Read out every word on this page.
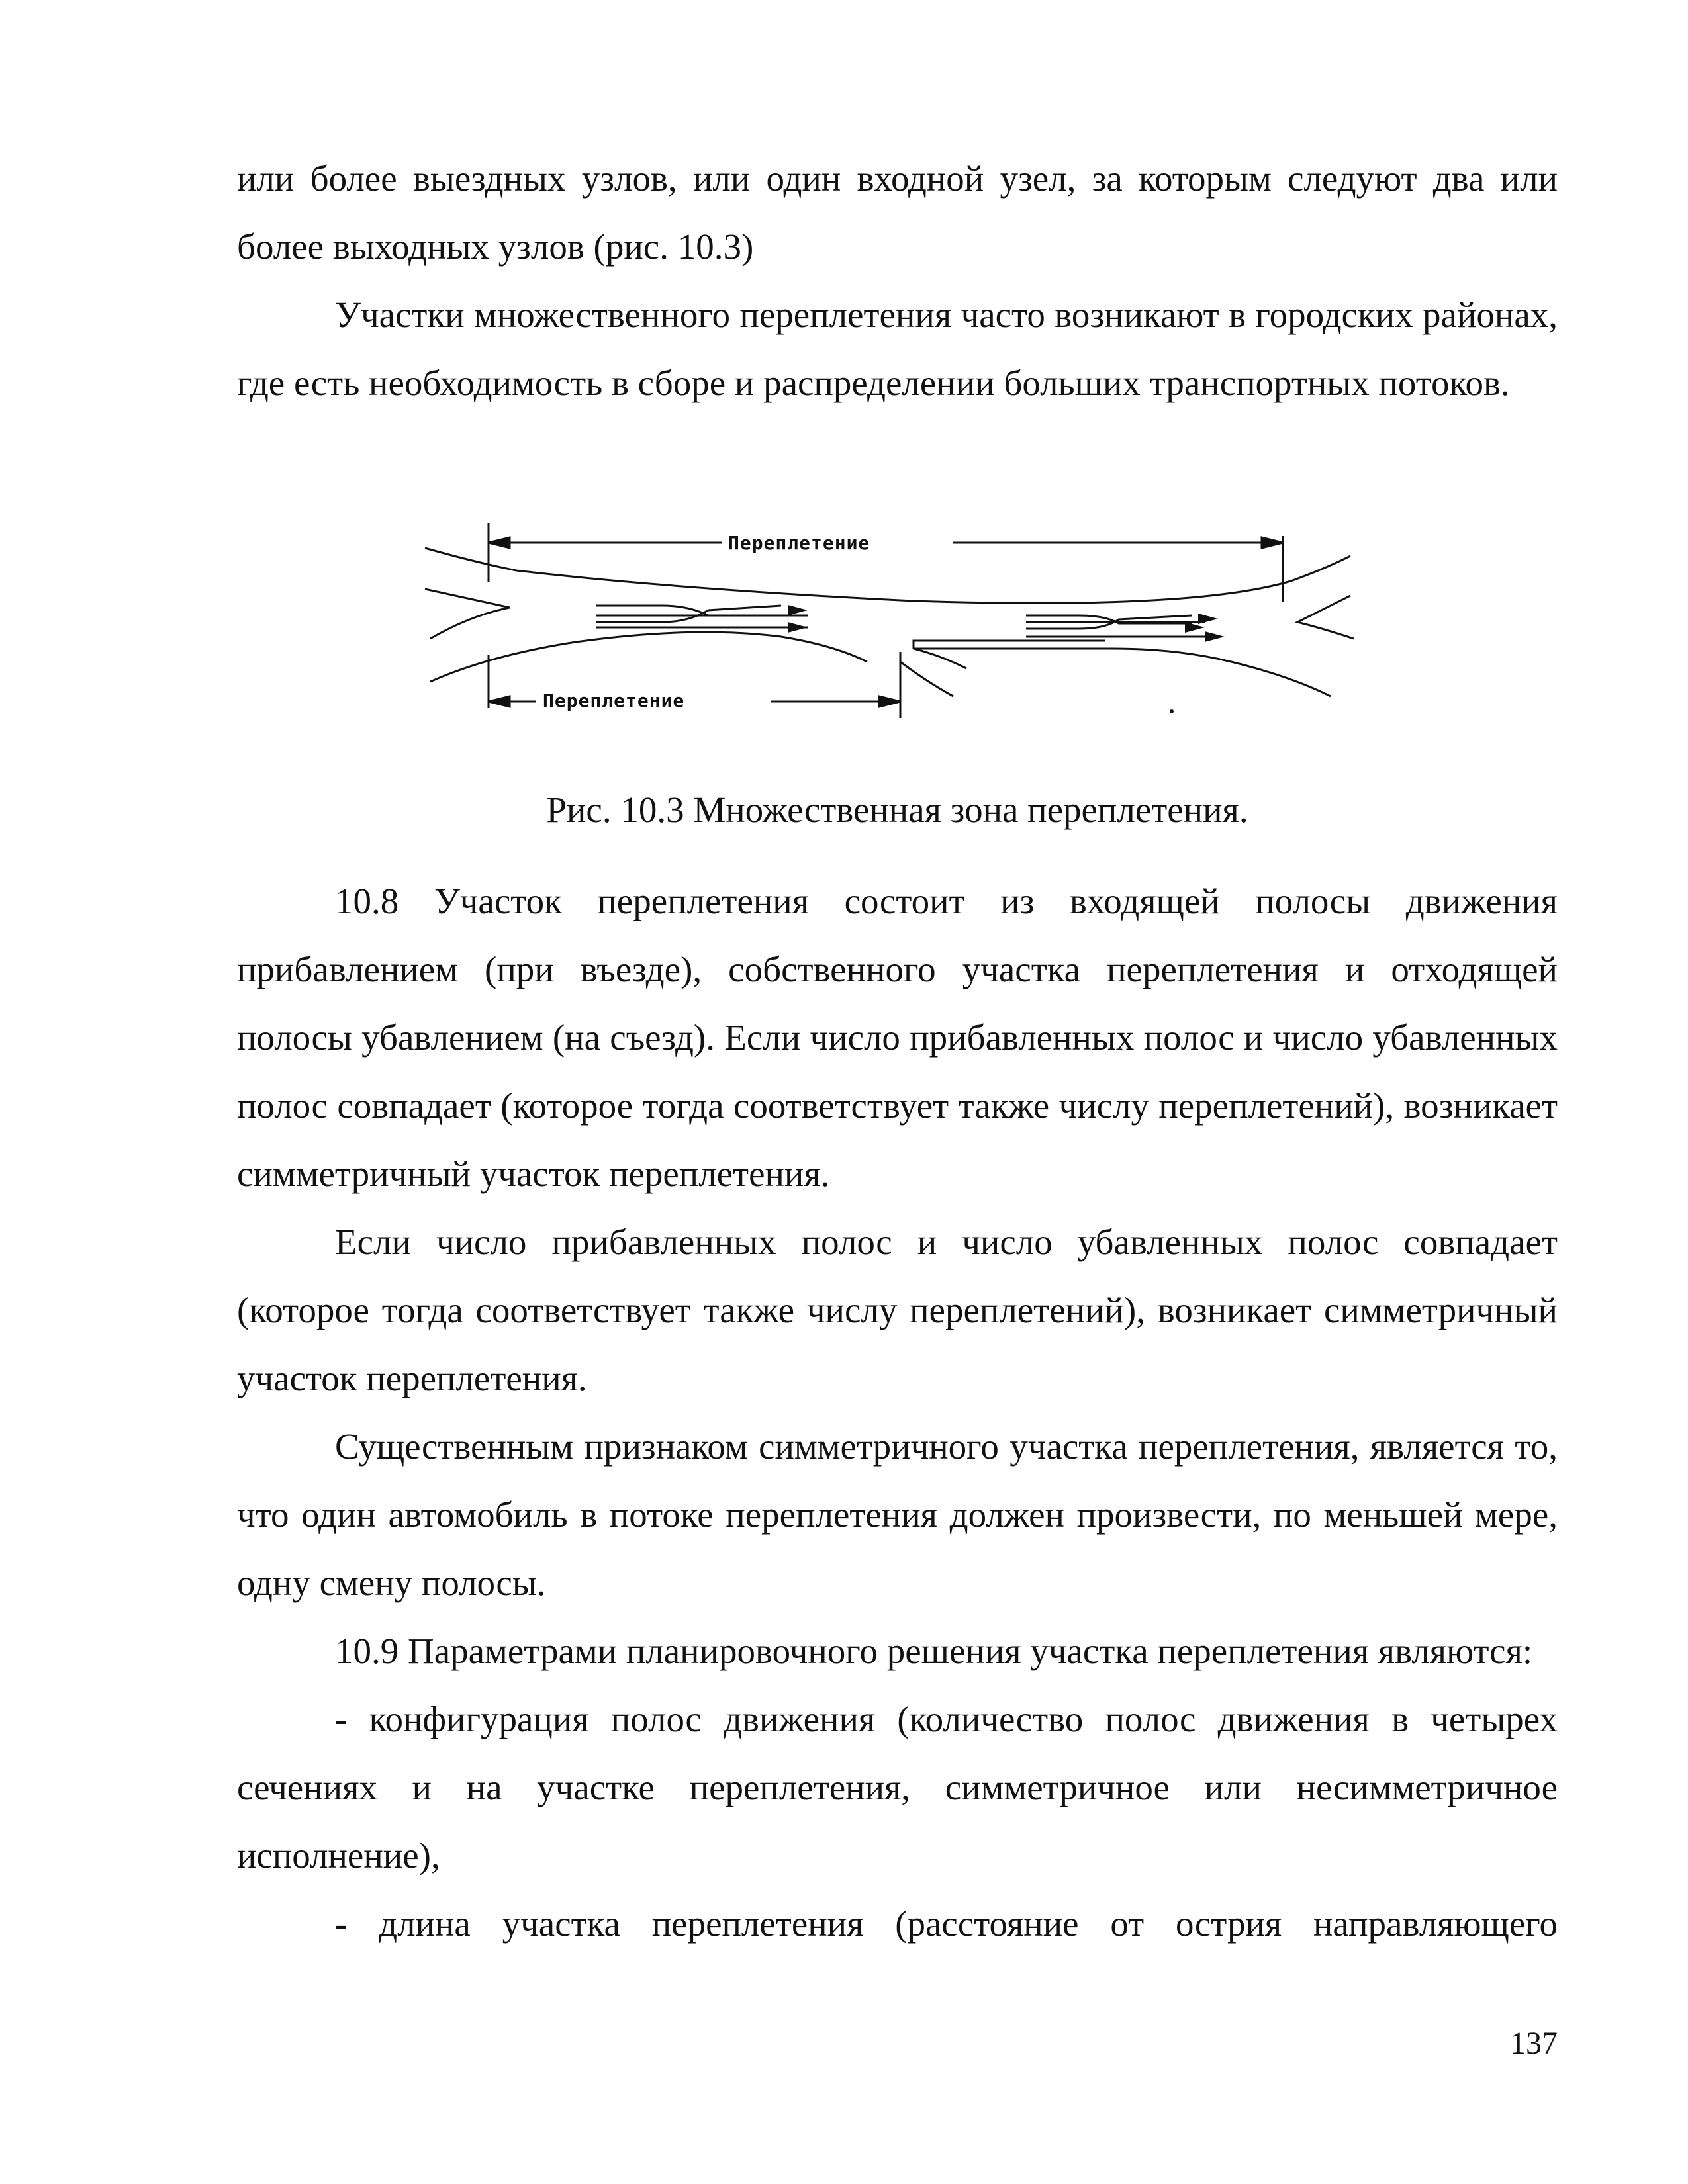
или более выездных узлов, или один входной узел, за которым следуют два или более выходных узлов (рис. 10.3)

Участки множественного переплетения часто возникают в городских районах, где есть необходимость в сборе и распределении больших транспортных потоков.

Переплетение
Переплетение

Рис. 10.3 Множественная зона переплетения.

10.8 Участок переплетения состоит из входящей полосы движения прибавлением (при въезде), собственного участка переплетения и отходящей полосы убавлением (на съезд). Если число прибавленных полос и число убавленных полос совпадает (которое тогда соответствует также числу переплетений), возникает симметричный участок переплетения.

Если число прибавленных полос и число убавленных полос совпадает (которое тогда соответствует также числу переплетений), возникает симметричный участок переплетения.

Существенным признаком симметричного участка переплетения, является то, что один автомобиль в потоке переплетения должен произвести, по меньшей мере, одну смену полосы.

10.9 Параметрами планировочного решения участка переплетения являются:

- конфигурация полос движения (количество полос движения в четырех сечениях и на участке переплетения, симметричное или несимметричное исполнение),

- длина участка переплетения (расстояние от острия направляющего

137
